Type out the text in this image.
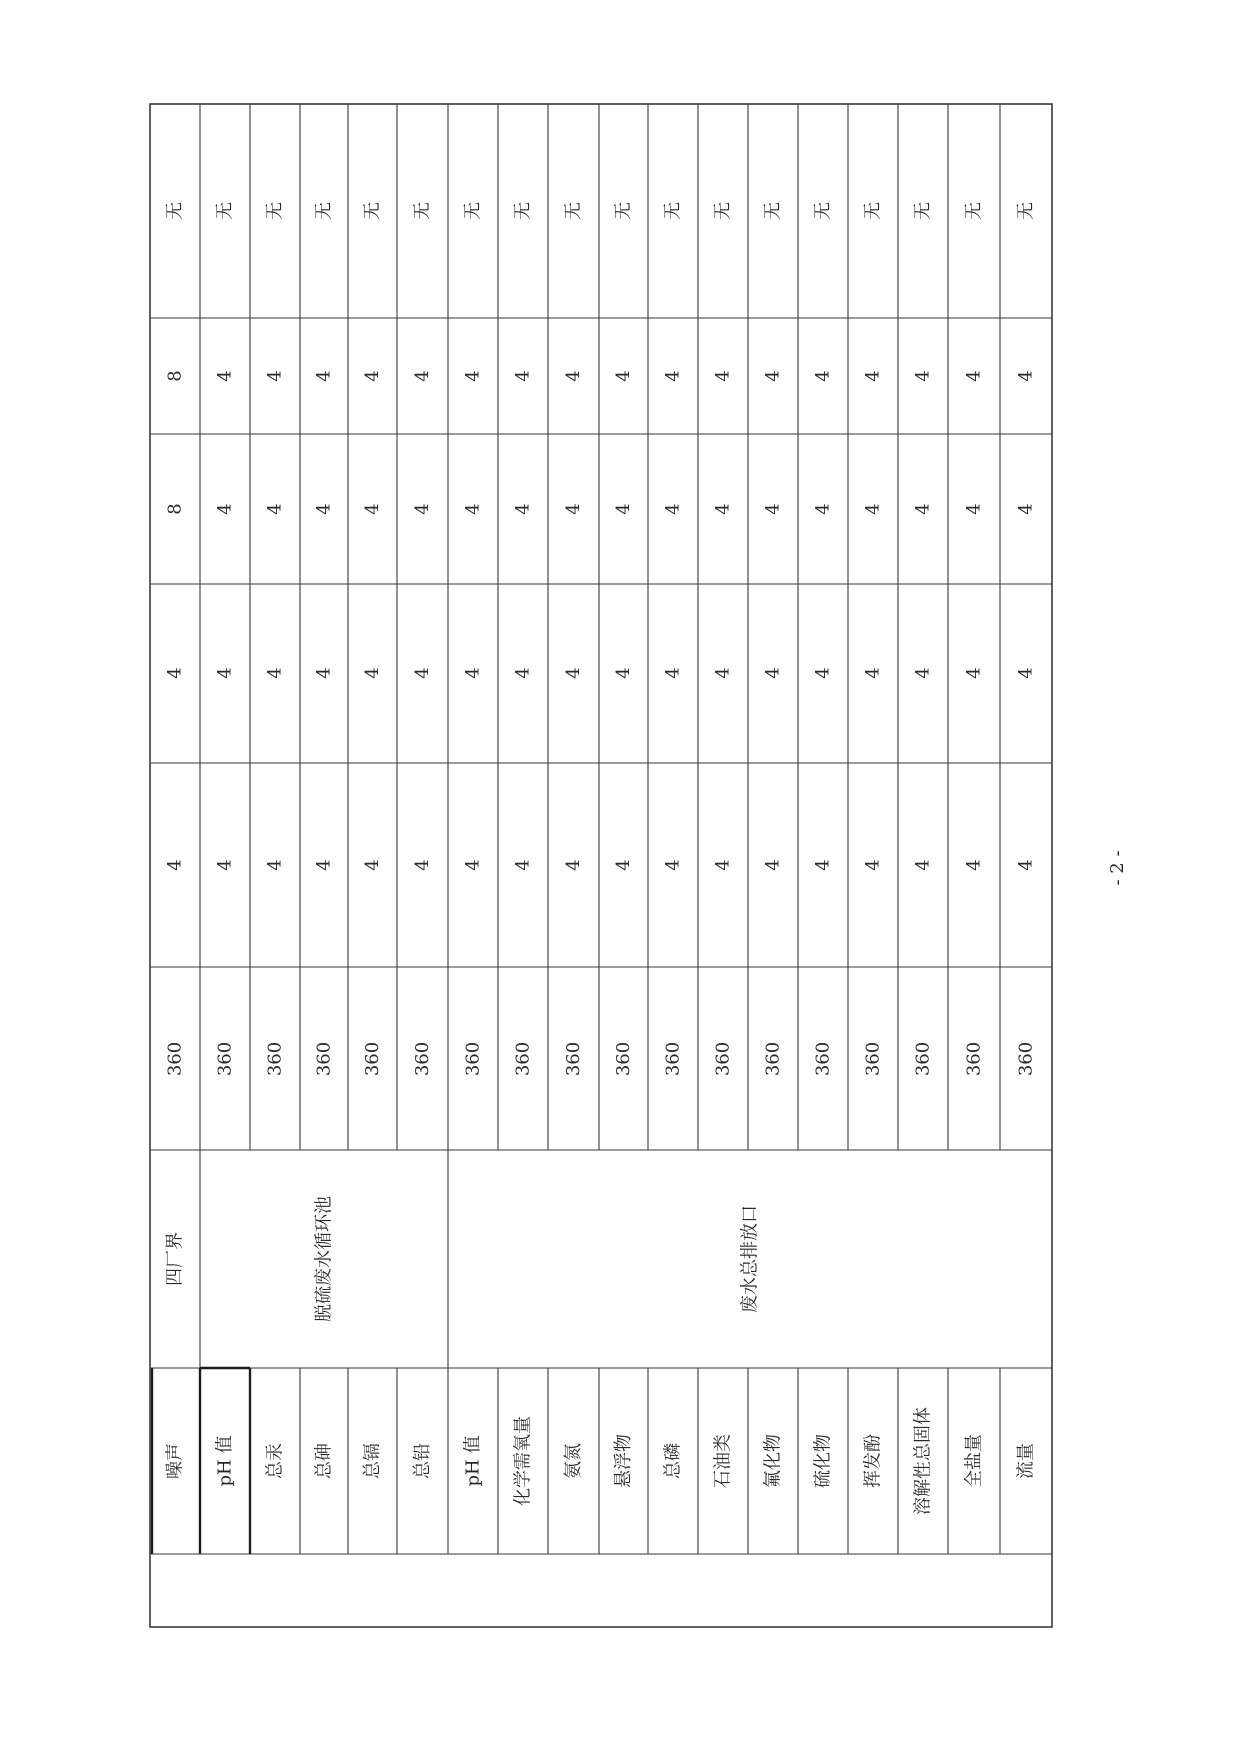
噪声
四厂界
360
4
4
8
8
无
pH 值
360
4
4
4
4
无
总汞
360
4
4
4
4
无
总砷
360
4
4
4
4
无
总镉
360
4
4
4
4
无
总铅
360
4
4
4
4
无
pH 值
360
4
4
4
4
无
化学需氧量
360
4
4
4
4
无
氨氮
360
4
4
4
4
无
悬浮物
360
4
4
4
4
无
总磷
360
4
4
4
4
无
石油类
360
4
4
4
4
无
氟化物
360
4
4
4
4
无
硫化物
360
4
4
4
4
无
挥发酚
360
4
4
4
4
无
溶解性总固体
360
4
4
4
4
无
全盐量
360
4
4
4
4
无
流量
360
4
4
4
4
无
脱硫废水循环池	废水总排放口
- 2 -
